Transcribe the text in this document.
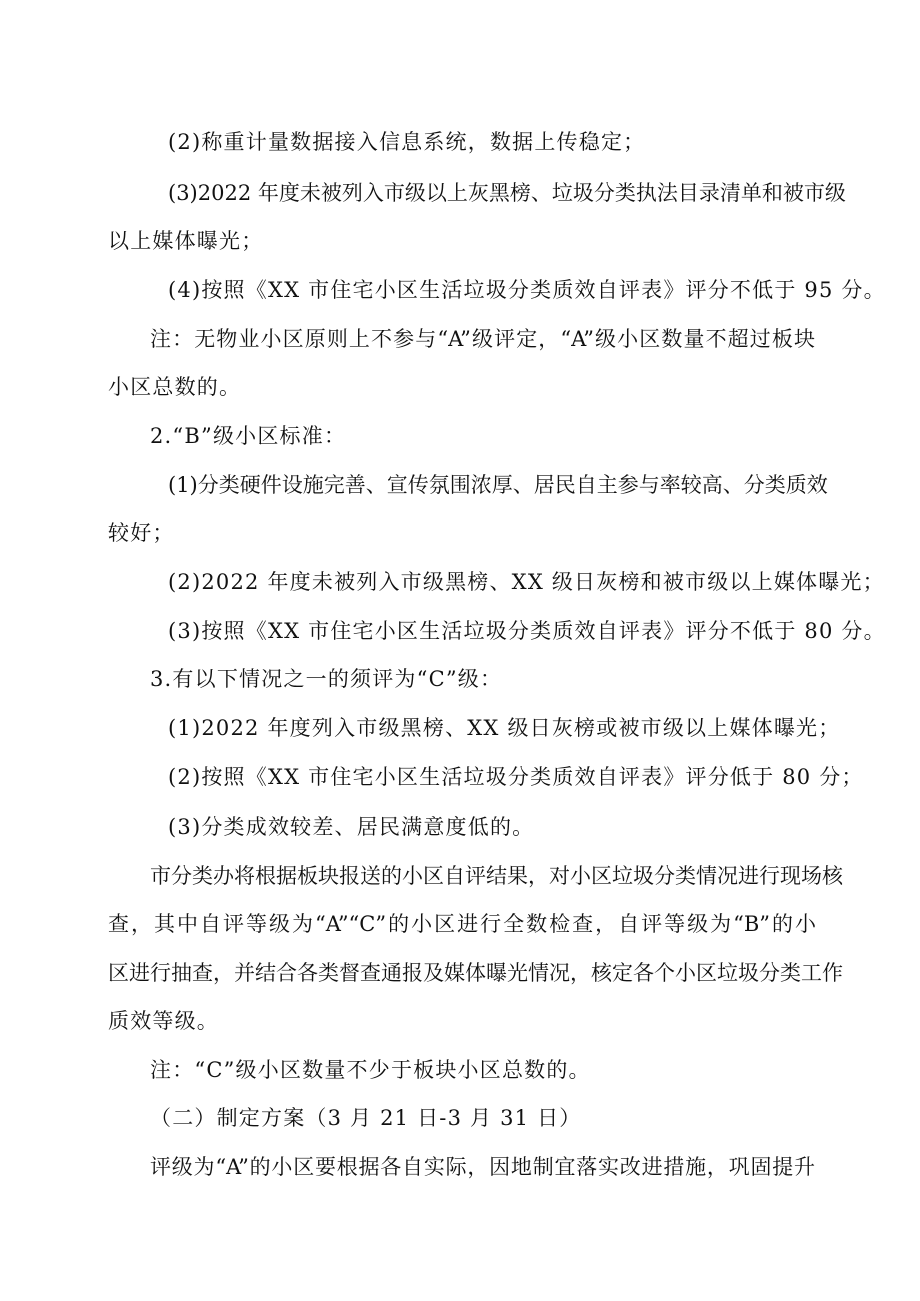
(2)称重计量数据接入信息系统，数据上传稳定；
(3)2022 年度未被列入市级以上灰黑榜、垃圾分类执法目录清单和被市级
以上媒体曝光；
(4)按照《XX 市住宅小区生活垃圾分类质效自评表》评分不低于 95 分。
注：无物业小区原则上不参与“A”级评定，“A”级小区数量不超过板块
小区总数的。
2.“B”级小区标准：
(1)分类硬件设施完善、宣传氛围浓厚、居民自主参与率较高、分类质效
较好；
(2)2022 年度未被列入市级黑榜、XX 级日灰榜和被市级以上媒体曝光；
(3)按照《XX 市住宅小区生活垃圾分类质效自评表》评分不低于 80 分。
3.有以下情况之一的须评为“C”级：
(1)2022 年度列入市级黑榜、XX 级日灰榜或被市级以上媒体曝光；
(2)按照《XX 市住宅小区生活垃圾分类质效自评表》评分低于 80 分；
(3)分类成效较差、居民满意度低的。
市分类办将根据板块报送的小区自评结果，对小区垃圾分类情况进行现场核
查，其中自评等级为“A”“C”的小区进行全数检查，自评等级为“B”的小
区进行抽查，并结合各类督查通报及媒体曝光情况，核定各个小区垃圾分类工作
质效等级。
注：“C”级小区数量不少于板块小区总数的。
（二）制定方案（3 月 21 日-3 月 31 日）
评级为“A”的小区要根据各自实际，因地制宜落实改进措施，巩固提升
